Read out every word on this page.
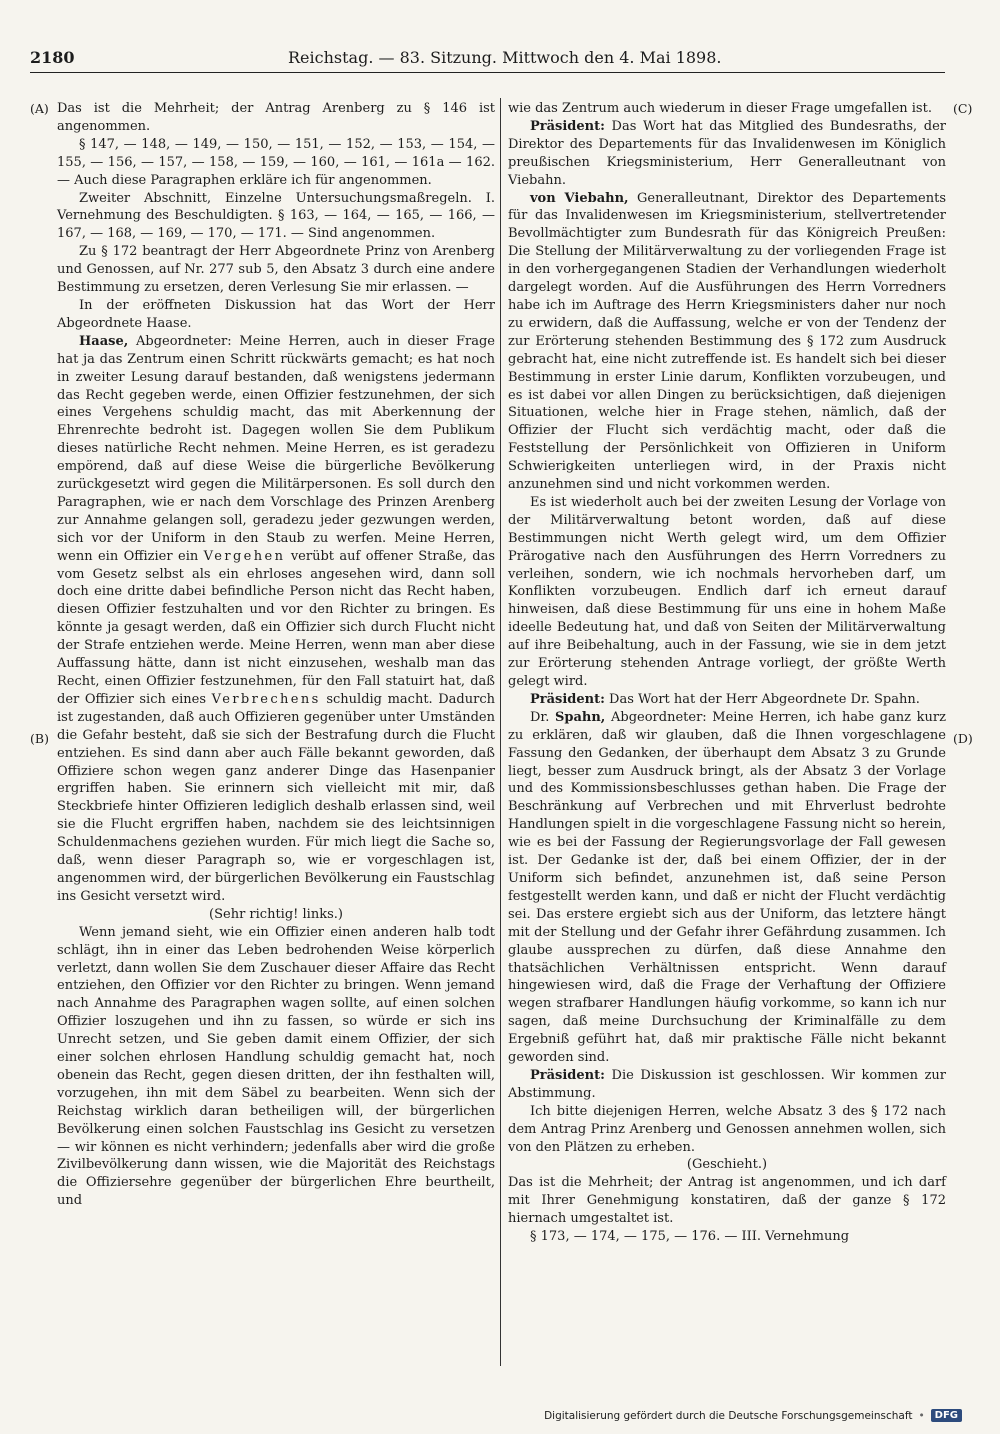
2180	Reichstag. — 83. Sitzung. Mittwoch den 4. Mai 1898.
(A)
(B)
(C)
(D)

Das ist die Mehrheit; der Antrag Arenberg zu § 146 ist angenommen.

§ 147, — 148, — 149, — 150, — 151, — 152, — 153, — 154, — 155, — 156, — 157, — 158, — 159, — 160, — 161, — 161a — 162. — Auch diese Paragraphen erkläre ich für angenommen.

Zweiter Abschnitt, Einzelne Untersuchungsmaßregeln. I. Vernehmung des Beschuldigten. § 163, — 164, — 165, — 166, — 167, — 168, — 169, — 170, — 171. — Sind angenommen.

Zu § 172 beantragt der Herr Abgeordnete Prinz von Arenberg und Genossen, auf Nr. 277 sub 5, den Absatz 3 durch eine andere Bestimmung zu ersetzen, deren Verlesung Sie mir erlassen. —

In der eröffneten Diskussion hat das Wort der Herr Abgeordnete Haase.

Haase, Abgeordneter: Meine Herren, auch in dieser Frage hat ja das Zentrum einen Schritt rückwärts gemacht; es hat noch in zweiter Lesung darauf bestanden, daß wenigstens jedermann das Recht gegeben werde, einen Offizier festzunehmen, der sich eines Vergehens schuldig macht, das mit Aberkennung der Ehrenrechte bedroht ist. Dagegen wollen Sie dem Publikum dieses natürliche Recht nehmen. Meine Herren, es ist geradezu empörend, daß auf diese Weise die bürgerliche Bevölkerung zurückgesetzt wird gegen die Militärpersonen. Es soll durch den Paragraphen, wie er nach dem Vorschlage des Prinzen Arenberg zur Annahme gelangen soll, geradezu jeder gezwungen werden, sich vor der Uniform in den Staub zu werfen. Meine Herren, wenn ein Offizier ein Vergehen verübt auf offener Straße, das vom Gesetz selbst als ein ehrloses angesehen wird, dann soll doch eine dritte dabei befindliche Person nicht das Recht haben, diesen Offizier festzuhalten und vor den Richter zu bringen. Es könnte ja gesagt werden, daß ein Offizier sich durch Flucht nicht der Strafe entziehen werde. Meine Herren, wenn man aber diese Auffassung hätte, dann ist nicht einzusehen, weshalb man das Recht, einen Offizier festzunehmen, für den Fall statuirt hat, daß der Offizier sich eines Verbrechens schuldig macht. Dadurch ist zugestanden, daß auch Offizieren gegenüber unter Umständen die Gefahr besteht, daß sie sich der Bestrafung durch die Flucht entziehen. Es sind dann aber auch Fälle bekannt geworden, daß Offiziere schon wegen ganz anderer Dinge das Hasenpanier ergriffen haben. Sie erinnern sich vielleicht mit mir, daß Steckbriefe hinter Offizieren lediglich deshalb erlassen sind, weil sie die Flucht ergriffen haben, nachdem sie des leichtsinnigen Schuldenmachens geziehen wurden. Für mich liegt die Sache so, daß, wenn dieser Paragraph so, wie er vorgeschlagen ist, angenommen wird, der bürgerlichen Bevölkerung ein Faustschlag ins Gesicht versetzt wird.

(Sehr richtig! links.)

Wenn jemand sieht, wie ein Offizier einen anderen halb todt schlägt, ihn in einer das Leben bedrohenden Weise körperlich verletzt, dann wollen Sie dem Zuschauer dieser Affaire das Recht entziehen, den Offizier vor den Richter zu bringen. Wenn jemand nach Annahme des Paragraphen wagen sollte, auf einen solchen Offizier loszugehen und ihn zu fassen, so würde er sich ins Unrecht setzen, und Sie geben damit einem Offizier, der sich einer solchen ehrlosen Handlung schuldig gemacht hat, noch obenein das Recht, gegen diesen dritten, der ihn festhalten will, vorzugehen, ihn mit dem Säbel zu bearbeiten. Wenn sich der Reichstag wirklich daran betheiligen will, der bürgerlichen Bevölkerung einen solchen Faustschlag ins Gesicht zu versetzen — wir können es nicht verhindern; jedenfalls aber wird die große Zivilbevölkerung dann wissen, wie die Majorität des Reichstags die Offiziersehre gegenüber der bürgerlichen Ehre beurtheilt, und

wie das Zentrum auch wiederum in dieser Frage umgefallen ist.

Präsident: Das Wort hat das Mitglied des Bundesraths, der Direktor des Departements für das Invalidenwesen im Königlich preußischen Kriegsministerium, Herr Generalleutnant von Viebahn.

von Viebahn, Generalleutnant, Direktor des Departements für das Invalidenwesen im Kriegsministerium, stellvertretender Bevollmächtigter zum Bundesrath für das Königreich Preußen: Die Stellung der Militärverwaltung zu der vorliegenden Frage ist in den vorhergegangenen Stadien der Verhandlungen wiederholt dargelegt worden. Auf die Ausführungen des Herrn Vorredners habe ich im Auftrage des Herrn Kriegsministers daher nur noch zu erwidern, daß die Auffassung, welche er von der Tendenz der zur Erörterung stehenden Bestimmung des § 172 zum Ausdruck gebracht hat, eine nicht zutreffende ist. Es handelt sich bei dieser Bestimmung in erster Linie darum, Konflikten vorzubeugen, und es ist dabei vor allen Dingen zu berücksichtigen, daß diejenigen Situationen, welche hier in Frage stehen, nämlich, daß der Offizier der Flucht sich verdächtig macht, oder daß die Feststellung der Persönlichkeit von Offizieren in Uniform Schwierigkeiten unterliegen wird, in der Praxis nicht anzunehmen sind und nicht vorkommen werden.

Es ist wiederholt auch bei der zweiten Lesung der Vorlage von der Militärverwaltung betont worden, daß auf diese Bestimmungen nicht Werth gelegt wird, um dem Offizier Prärogative nach den Ausführungen des Herrn Vorredners zu verleihen, sondern, wie ich nochmals hervorheben darf, um Konflikten vorzubeugen. Endlich darf ich erneut darauf hinweisen, daß diese Bestimmung für uns eine in hohem Maße ideelle Bedeutung hat, und daß von Seiten der Militärverwaltung auf ihre Beibehaltung, auch in der Fassung, wie sie in dem jetzt zur Erörterung stehenden Antrage vorliegt, der größte Werth gelegt wird.

Präsident: Das Wort hat der Herr Abgeordnete Dr. Spahn.

Dr. Spahn, Abgeordneter: Meine Herren, ich habe ganz kurz zu erklären, daß wir glauben, daß die Ihnen vorgeschlagene Fassung den Gedanken, der überhaupt dem Absatz 3 zu Grunde liegt, besser zum Ausdruck bringt, als der Absatz 3 der Vorlage und des Kommissionsbeschlusses gethan haben. Die Frage der Beschränkung auf Verbrechen und mit Ehrverlust bedrohte Handlungen spielt in die vorgeschlagene Fassung nicht so herein, wie es bei der Fassung der Regierungsvorlage der Fall gewesen ist. Der Gedanke ist der, daß bei einem Offizier, der in der Uniform sich befindet, anzunehmen ist, daß seine Person festgestellt werden kann, und daß er nicht der Flucht verdächtig sei. Das erstere ergiebt sich aus der Uniform, das letztere hängt mit der Stellung und der Gefahr ihrer Gefährdung zusammen. Ich glaube aussprechen zu dürfen, daß diese Annahme den thatsächlichen Verhältnissen entspricht. Wenn darauf hingewiesen wird, daß die Frage der Verhaftung der Offiziere wegen strafbarer Handlungen häufig vorkomme, so kann ich nur sagen, daß meine Durchsuchung der Kriminalfälle zu dem Ergebniß geführt hat, daß mir praktische Fälle nicht bekannt geworden sind.

Präsident: Die Diskussion ist geschlossen. Wir kommen zur Abstimmung.

Ich bitte diejenigen Herren, welche Absatz 3 des § 172 nach dem Antrag Prinz Arenberg und Genossen annehmen wollen, sich von den Plätzen zu erheben.

(Geschieht.)

Das ist die Mehrheit; der Antrag ist angenommen, und ich darf mit Ihrer Genehmigung konstatiren, daß der ganze § 172 hiernach umgestaltet ist.

§ 173, — 174, — 175, — 176. — III. Vernehmung

Digitalisierung gefördert durch die Deutsche Forschungsgemeinschaft •	DFG
